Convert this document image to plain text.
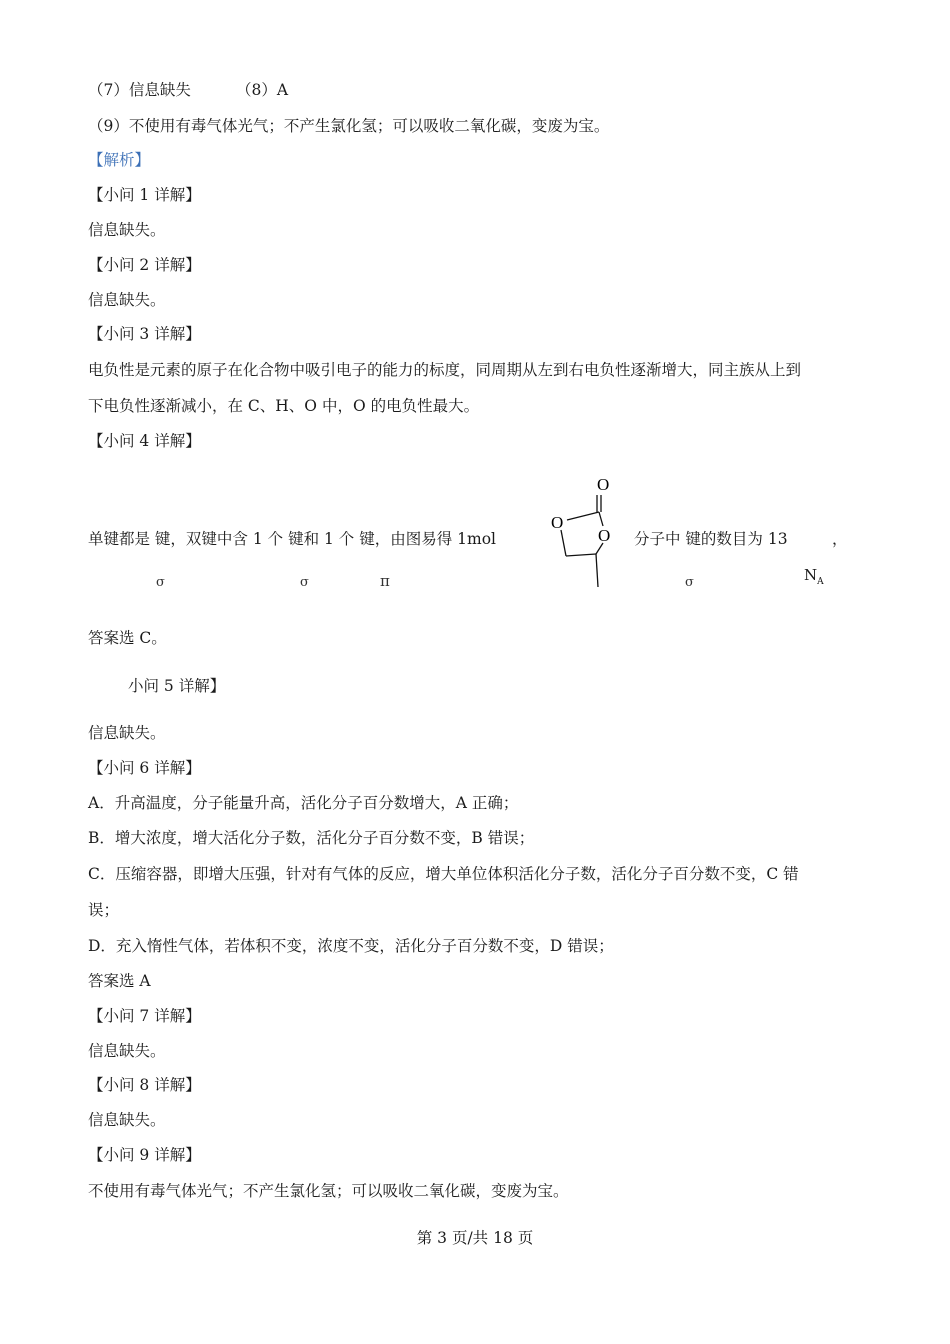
（7）信息缺失	（8）A
（9）不使用有毒气体光气；不产生氯化氢；可以吸收二氧化碳，变废为宝。
【解析】
【小问 1 详解】
信息缺失。
【小问 2 详解】
信息缺失。
【小问 3 详解】
电负性是元素的原子在化合物中吸引电子的能力的标度，同周期从左到右电负性逐渐增大，同主族从上到
下电负性逐渐减小，在 C、H、O 中，O 的电负性最大。
【小问 4 详解】
单键都是 键，双键中含 1 个 键和 1 个 键，由图易得 1mol
O
O
O 分子中 键的数目为 13	，
σ	σ	π	σ	$N_A$
答案选 C。
小问 5 详解】
信息缺失。
【小问 6 详解】
A．升高温度，分子能量升高，活化分子百分数增大，A 正确；
B．增大浓度，增大活化分子数，活化分子百分数不变，B 错误；
C．压缩容器，即增大压强，针对有气体的反应，增大单位体积活化分子数，活化分子百分数不变，C 错
误；
D．充入惰性气体，若体积不变，浓度不变，活化分子百分数不变，D 错误；
答案选 A
【小问 7 详解】
信息缺失。
【小问 8 详解】
信息缺失。
【小问 9 详解】
不使用有毒气体光气；不产生氯化氢；可以吸收二氧化碳，变废为宝。
第 3 页/共 18 页
